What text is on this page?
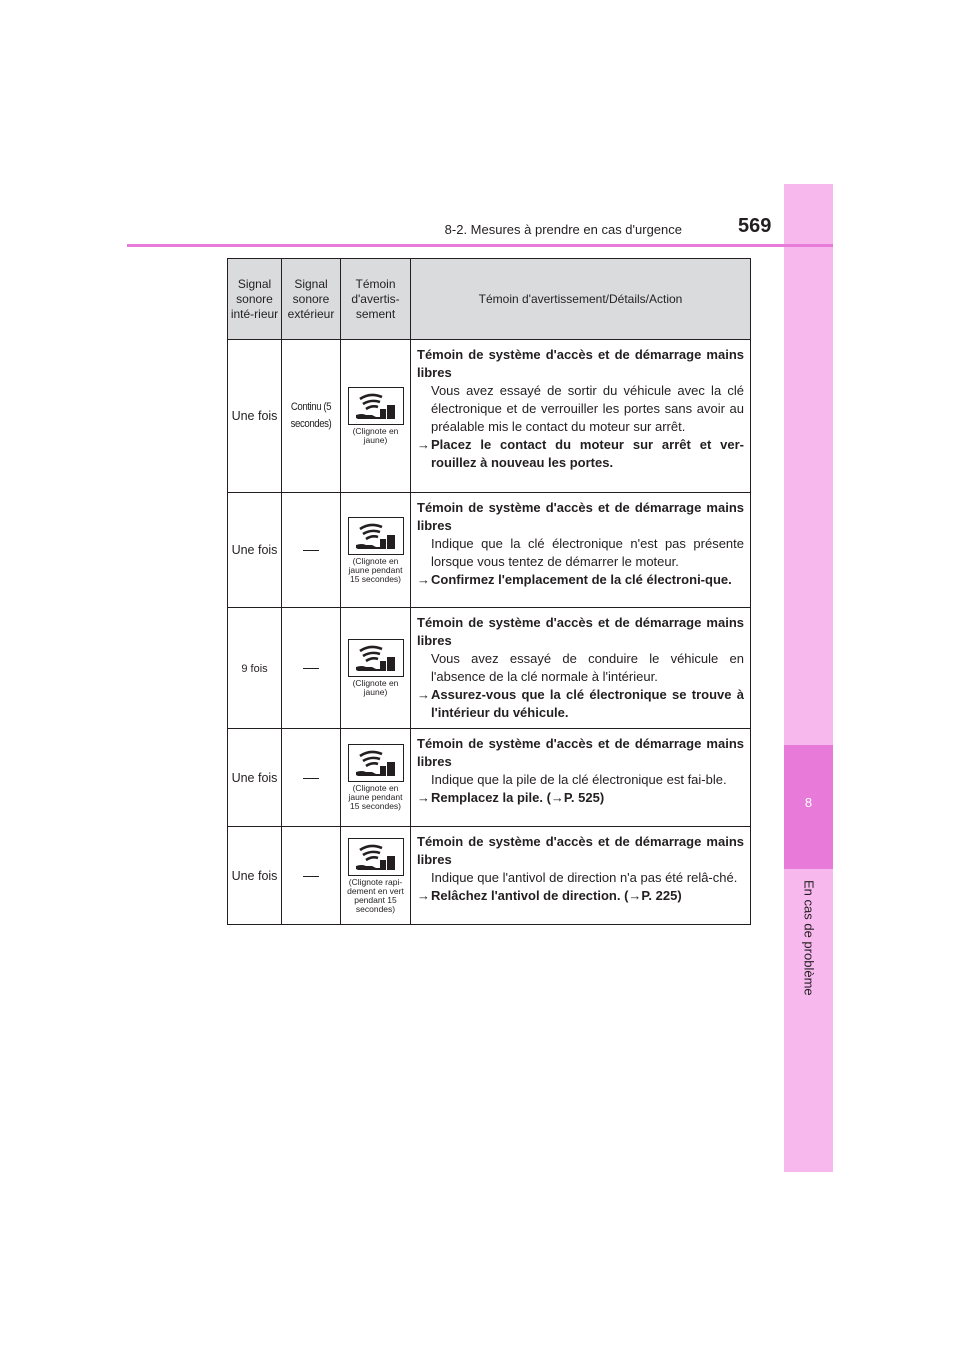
8
En cas de problème
8-2. Mesures à prendre en cas d'urgence	569
Signal sonore inté-rieur	Signal sonore extérieur	Témoin d'avertis-sement	Témoin d'avertissement/Détails/Action
Une fois	Continu (5 secondes)	(Clignote en jaune)	Témoin de système d'accès et de démarrage mains libres
Vous avez essayé de sortir du véhicule avec la clé électronique et de verrouiller les portes sans avoir au préalable mis le contact du moteur sur arrêt.
→Placez le contact du moteur sur arrêt et ver-rouillez à nouveau les portes.

Une fois		(Clignote en jaune pendant 15 secondes)	Témoin de système d'accès et de démarrage mains libres
Indique que la clé électronique n'est pas présente lorsque vous tentez de démarrer le moteur.
→Confirmez l'emplacement de la clé électroni-que.

9 fois		(Clignote en jaune)	Témoin de système d'accès et de démarrage mains libres
Vous avez essayé de conduire le véhicule en l'absence de la clé normale à l'intérieur.
→Assurez-vous que la clé électronique se trouve à l'intérieur du véhicule.

Une fois		(Clignote en jaune pendant 15 secondes)	Témoin de système d'accès et de démarrage mains libres
Indique que la pile de la clé électronique est fai-ble.
→Remplacez la pile. (→P. 525)

Une fois		(Clignote rapi-dement en vert pendant 15 secondes)	Témoin de système d'accès et de démarrage mains libres
Indique que l'antivol de direction n'a pas été relâ-ché.
→Relâchez l'antivol de direction. (→P. 225)
